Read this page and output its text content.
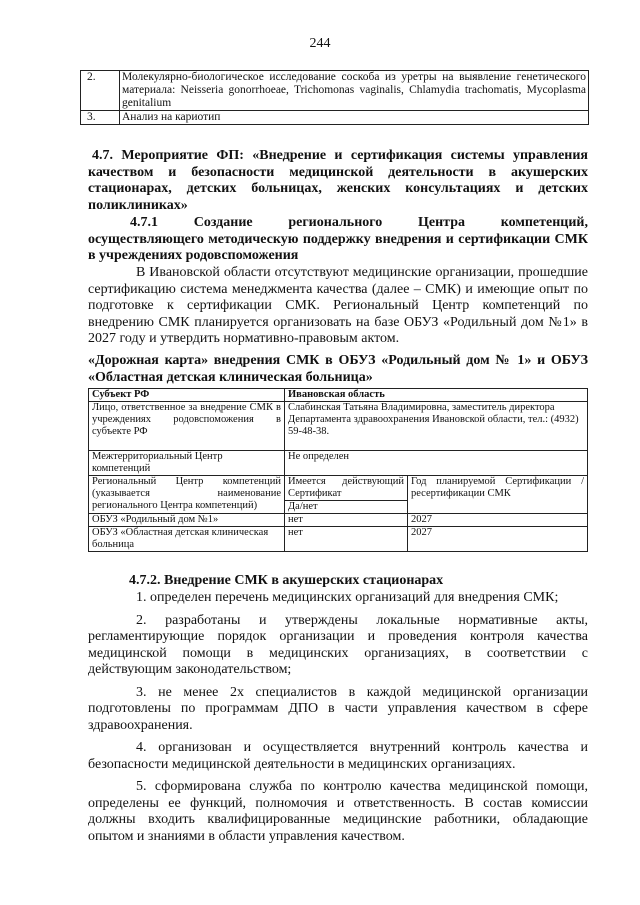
244
2.	Молекулярно-биологическое исследование соскоба из уретры на выявление генетического материала: Neisseria gonorrhoeae, Trichomonas vaginalis, Chlamydia trachomatis, Mycoplasma genitalium
3.	Анализ на кариотип
4.7. Мероприятие ФП: «Внедрение и сертификация системы управления качеством и безопасности медицинской деятельности в акушерских стационарах, детских больницах, женских консультациях и детских поликлиниках»
4.7.1	Создание	регионального	Центра	компетенций,
осуществляющего методическую поддержку внедрения и сертификации СМК в учреждениях родовспоможения
В Ивановской области отсутствуют медицинские организации, прошедшие сертификацию система менеджмента качества (далее – СМК) и имеющие опыт по подготовке к сертификации СМК. Региональный Центр компетенций по внедрению СМК планируется организовать на базе ОБУЗ «Родильный дом №1» в 2027 году и утвердить нормативно-правовым актом.
«Дорожная карта» внедрения СМК в ОБУЗ «Родильный дом № 1» и ОБУЗ «Областная детская клиническая больница»
Субъект РФ	Ивановская область	
Лицо, ответственное за внедрение СМК в учреждениях родовспоможения в субъекте РФ	Слабинская Татьяна Владимировна, заместитель директора Департамента здравоохранения Ивановской области, тел.: (4932) 59-48-38.	
Межтерриториальный Центр компетенций	Не определен	
Региональный Центр компетенций (указывается наименование регионального Центра компетенций)	Имеется действующий Сертификат	Год планируемой Сертификации / ресертификации СМК
	Да/нет	
ОБУЗ «Родильный дом №1»	нет	2027
ОБУЗ «Областная детская клиническая больница	нет	2027
4.7.2. Внедрение СМК в акушерских стационарах
1. определен перечень медицинских организаций для внедрения СМК;
2. разработаны и утверждены локальные нормативные акты, регламентирующие порядок организации и проведения контроля качества медицинской помощи в медицинских организациях, в соответствии с действующим законодательством;
3. не менее 2х специалистов в каждой медицинской организации подготовлены по программам ДПО в части управления качеством в сфере здравоохранения.
4. организован и осуществляется внутренний контроль качества и безопасности медицинской деятельности в медицинских организациях.
5. сформирована служба по контролю качества медицинской помощи, определены ее функций, полномочия и ответственность. В состав комиссии должны входить квалифицированные медицинские работники, обладающие опытом и знаниями в области управления качеством.
